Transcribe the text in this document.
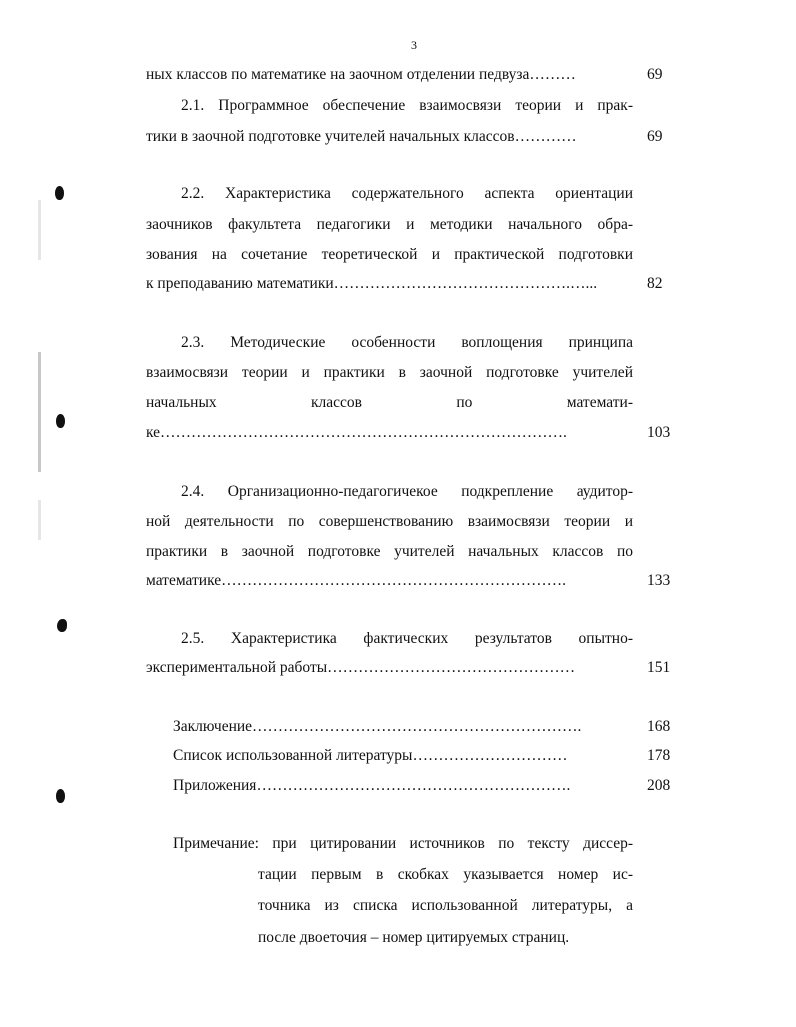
3
ных классов по математике на заочном отделении педвуза………	69
2.1. Программное обеспечение взаимосвязи теории и прак-
тики в заочной подготовке учителей начальных классов…………	69
2.2. Характеристика содержательного аспекта ориентации
заочников факультета педагогики и методики начального обра-
зования на сочетание теоретической и практической подготовки
к преподаванию математики……………………………………….…...	82
2.3. Методические особенности воплощения принципа
взаимосвязи теории и практики в заочной подготовке учителей
начальных классов по математи-
ке…………………………………………………………………….	103
2.4. Организационно-педагогичекое подкрепление аудитор-
ной деятельности по совершенствованию взаимосвязи теории и
практики в заочной подготовке учителей начальных классов по
математике………………………………………………………….	133
2.5. Характеристика фактических результатов опытно-
экспериментальной работы…………………………………………	151
Заключение……………………………………………………….	168
Список использованной литературы…………………………	178
Приложения…………………………………………………….	208
Примечание: при цитировании источников по тексту диссер-
тации первым в скобках указывается номер ис-
точника из списка использованной литературы, а
после двоеточия – номер цитируемых страниц.
